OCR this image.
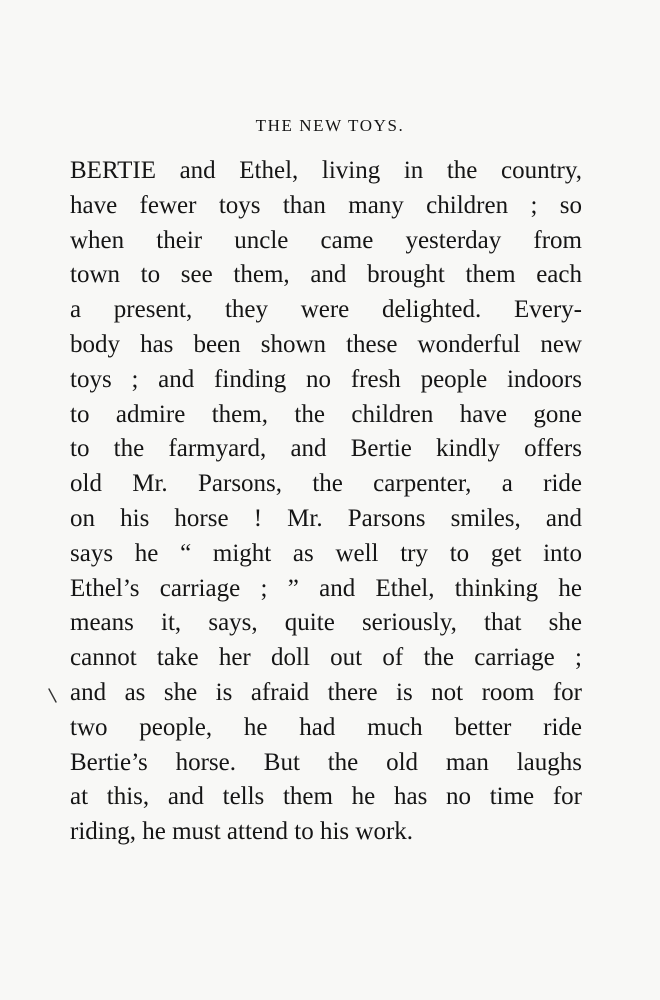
THE NEW TOYS.
BERTIE and Ethel, living in the country,
have fewer toys than many children ; so
when their uncle came yesterday from
town to see them, and brought them each
a present, they were delighted. Every-
body has been shown these wonderful new
toys ; and finding no fresh people indoors
to admire them, the children have gone
to the farmyard, and Bertie kindly offers
old Mr. Parsons, the carpenter, a ride
on his horse ! Mr. Parsons smiles, and
says he “ might as well try to get into
Ethel’s carriage ; ” and Ethel, thinking he
means it, says, quite seriously, that she
cannot take her doll out of the carriage ;
and as she is afraid there is not room for
two people, he had much better ride
Bertie’s horse. But the old man laughs
at this, and tells them he has no time for
riding, he must attend to his work.
